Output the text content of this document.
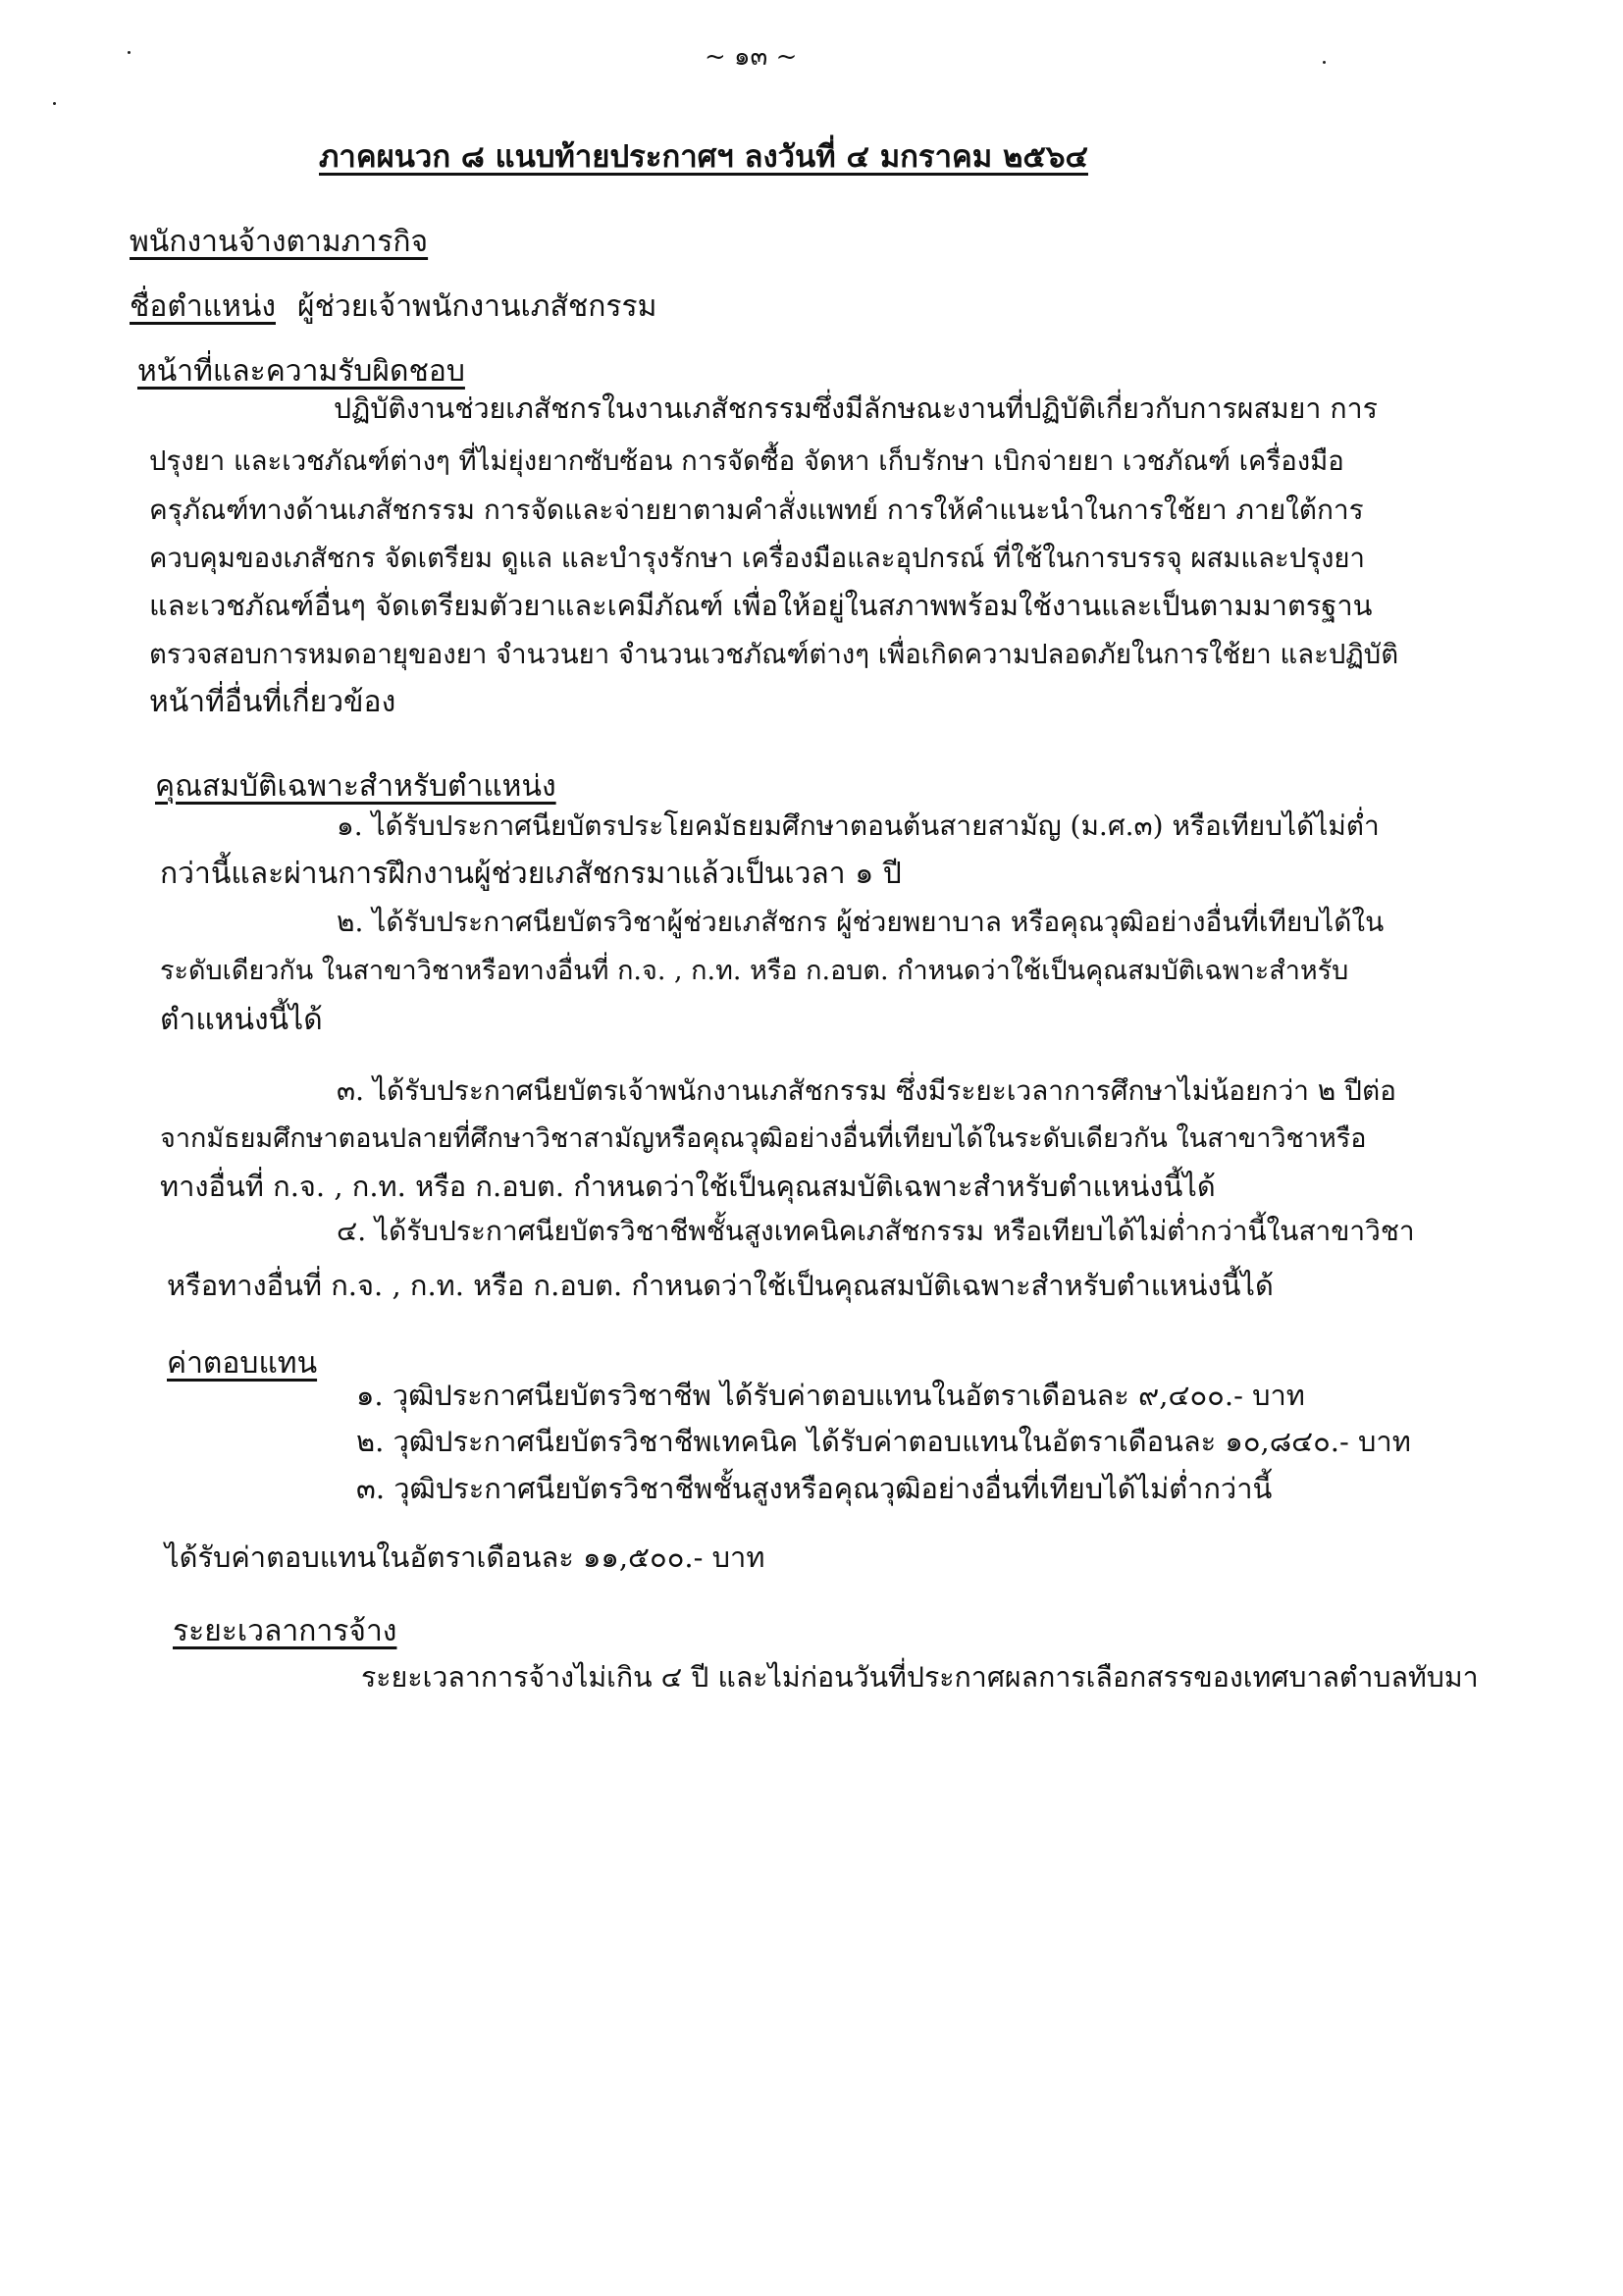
~ ๑๓ ~
ภาคผนวก ๘ แนบท้ายประกาศฯ ลงวันที่ ๔ มกราคม ๒๕๖๔
พนักงานจ้างตามภารกิจ
ชื่อตำแหน่ง ผู้ช่วยเจ้าพนักงานเภสัชกรรม
หน้าที่และความรับผิดชอบ
ปฏิบัติงานช่วยเภสัชกรในงานเภสัชกรรมซึ่งมีลักษณะงานที่ปฏิบัติเกี่ยวกับการผสมยา การ
ปรุงยา และเวชภัณฑ์ต่างๆ ที่ไม่ยุ่งยากซับซ้อน การจัดซื้อ จัดหา เก็บรักษา เบิกจ่ายยา เวชภัณฑ์ เครื่องมือ
ครุภัณฑ์ทางด้านเภสัชกรรม การจัดและจ่ายยาตามคำสั่งแพทย์ การให้คำแนะนำในการใช้ยา ภายใต้การ
ควบคุมของเภสัชกร จัดเตรียม ดูแล และบำรุงรักษา เครื่องมือและอุปกรณ์ ที่ใช้ในการบรรจุ ผสมและปรุงยา
และเวชภัณฑ์อื่นๆ จัดเตรียมตัวยาและเคมีภัณฑ์ เพื่อให้อยู่ในสภาพพร้อมใช้งานและเป็นตามมาตรฐาน
ตรวจสอบการหมดอายุของยา จำนวนยา จำนวนเวชภัณฑ์ต่างๆ เพื่อเกิดความปลอดภัยในการใช้ยา และปฏิบัติ
หน้าที่อื่นที่เกี่ยวข้อง
คุณสมบัติเฉพาะสำหรับตำแหน่ง
๑. ได้รับประกาศนียบัตรประโยคมัธยมศึกษาตอนต้นสายสามัญ (ม.ศ.๓) หรือเทียบได้ไม่ต่ำ
กว่านี้และผ่านการฝึกงานผู้ช่วยเภสัชกรมาแล้วเป็นเวลา ๑ ปี
๒. ได้รับประกาศนียบัตรวิชาผู้ช่วยเภสัชกร ผู้ช่วยพยาบาล หรือคุณวุฒิอย่างอื่นที่เทียบได้ใน
ระดับเดียวกัน ในสาขาวิชาหรือทางอื่นที่ ก.จ. , ก.ท. หรือ ก.อบต. กำหนดว่าใช้เป็นคุณสมบัติเฉพาะสำหรับ
ตำแหน่งนี้ได้
๓. ได้รับประกาศนียบัตรเจ้าพนักงานเภสัชกรรม ซึ่งมีระยะเวลาการศึกษาไม่น้อยกว่า ๒ ปีต่อ
จากมัธยมศึกษาตอนปลายที่ศึกษาวิชาสามัญหรือคุณวุฒิอย่างอื่นที่เทียบได้ในระดับเดียวกัน ในสาขาวิชาหรือ
ทางอื่นที่ ก.จ. , ก.ท. หรือ ก.อบต. กำหนดว่าใช้เป็นคุณสมบัติเฉพาะสำหรับตำแหน่งนี้ได้
๔. ได้รับประกาศนียบัตรวิชาชีพชั้นสูงเทคนิคเภสัชกรรม หรือเทียบได้ไม่ต่ำกว่านี้ในสาขาวิชา
หรือทางอื่นที่ ก.จ. , ก.ท. หรือ ก.อบต. กำหนดว่าใช้เป็นคุณสมบัติเฉพาะสำหรับตำแหน่งนี้ได้
ค่าตอบแทน
๑. วุฒิประกาศนียบัตรวิชาชีพ ได้รับค่าตอบแทนในอัตราเดือนละ ๙,๔๐๐.- บาท
๒. วุฒิประกาศนียบัตรวิชาชีพเทคนิค ได้รับค่าตอบแทนในอัตราเดือนละ ๑๐,๘๔๐.- บาท
๓. วุฒิประกาศนียบัตรวิชาชีพชั้นสูงหรือคุณวุฒิอย่างอื่นที่เทียบได้ไม่ต่ำกว่านี้
ได้รับค่าตอบแทนในอัตราเดือนละ ๑๑,๕๐๐.- บาท
ระยะเวลาการจ้าง
ระยะเวลาการจ้างไม่เกิน ๔ ปี และไม่ก่อนวันที่ประกาศผลการเลือกสรรของเทศบาลตำบลทับมา
